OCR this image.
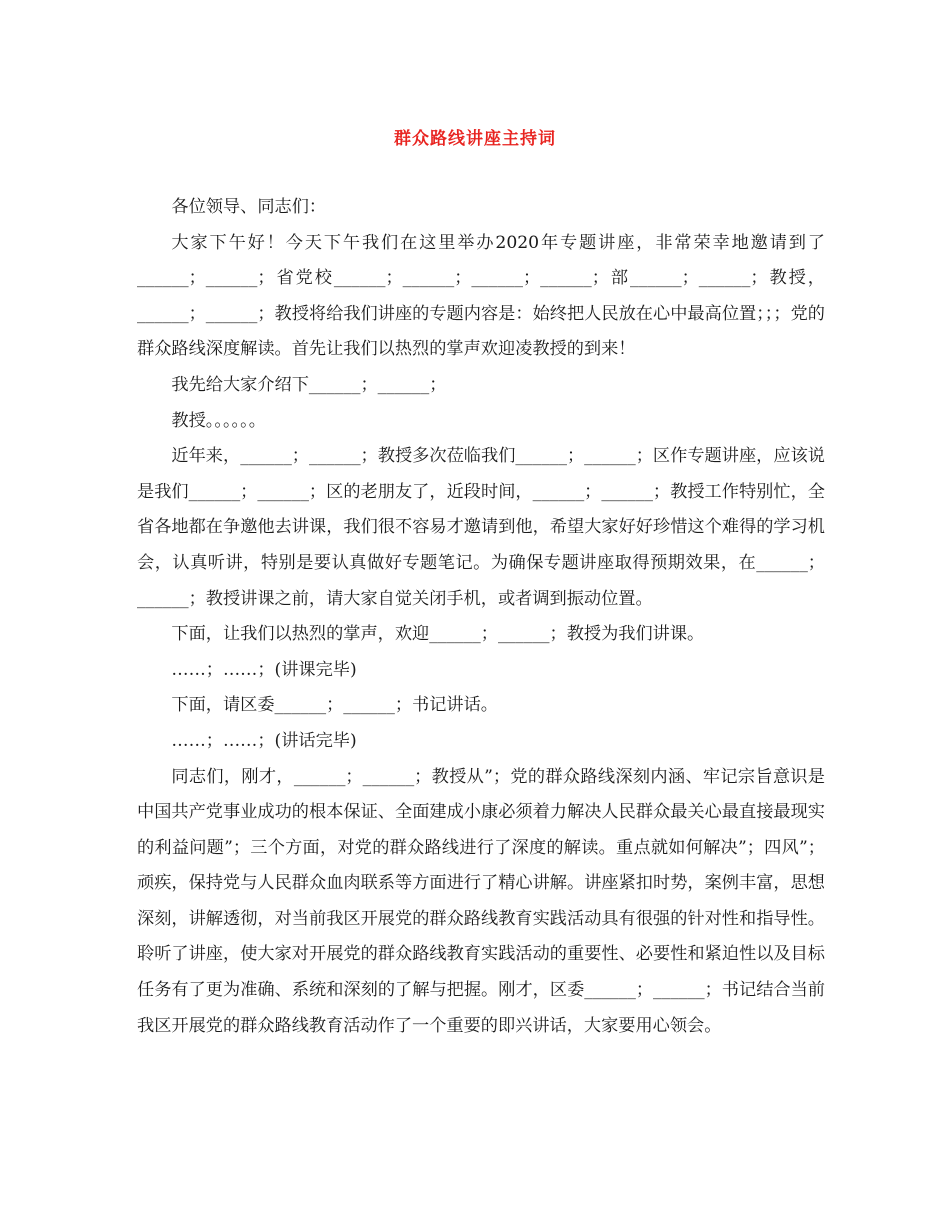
群众路线讲座主持词

各位领导、同志们：

大家下午好！今天下午我们在这里举办2020年专题讲座，非常荣幸地邀请到了______；______；省党校______；______；______；______；部______；______；教授，______；______；教授将给我们讲座的专题内容是：始终把人民放在心中最高位置；；；党的群众路线深度解读。首先让我们以热烈的掌声欢迎凌教授的到来！

我先给大家介绍下______；______；

教授。。。。。。

近年来，______；______；教授多次莅临我们______；______；区作专题讲座，应该说是我们______；______；区的老朋友了，近段时间，______；______；教授工作特别忙，全省各地都在争邀他去讲课，我们很不容易才邀请到他，希望大家好好珍惜这个难得的学习机会，认真听讲，特别是要认真做好专题笔记。为确保专题讲座取得预期效果，在______；______；教授讲课之前，请大家自觉关闭手机，或者调到振动位置。

下面，让我们以热烈的掌声，欢迎______；______；教授为我们讲课。

……；……；(讲课完毕)

下面，请区委______；______；书记讲话。

……；……；(讲话完毕)

同志们，刚才，______；______；教授从”；党的群众路线深刻内涵、牢记宗旨意识是中国共产党事业成功的根本保证、全面建成小康必须着力解决人民群众最关心最直接最现实的利益问题”；三个方面，对党的群众路线进行了深度的解读。重点就如何解决”；四风”；顽疾，保持党与人民群众血肉联系等方面进行了精心讲解。讲座紧扣时势，案例丰富，思想深刻，讲解透彻，对当前我区开展党的群众路线教育实践活动具有很强的针对性和指导性。聆听了讲座，使大家对开展党的群众路线教育实践活动的重要性、必要性和紧迫性以及目标任务有了更为准确、系统和深刻的了解与把握。刚才，区委______；______；书记结合当前我区开展党的群众路线教育活动作了一个重要的即兴讲话，大家要用心领会。
